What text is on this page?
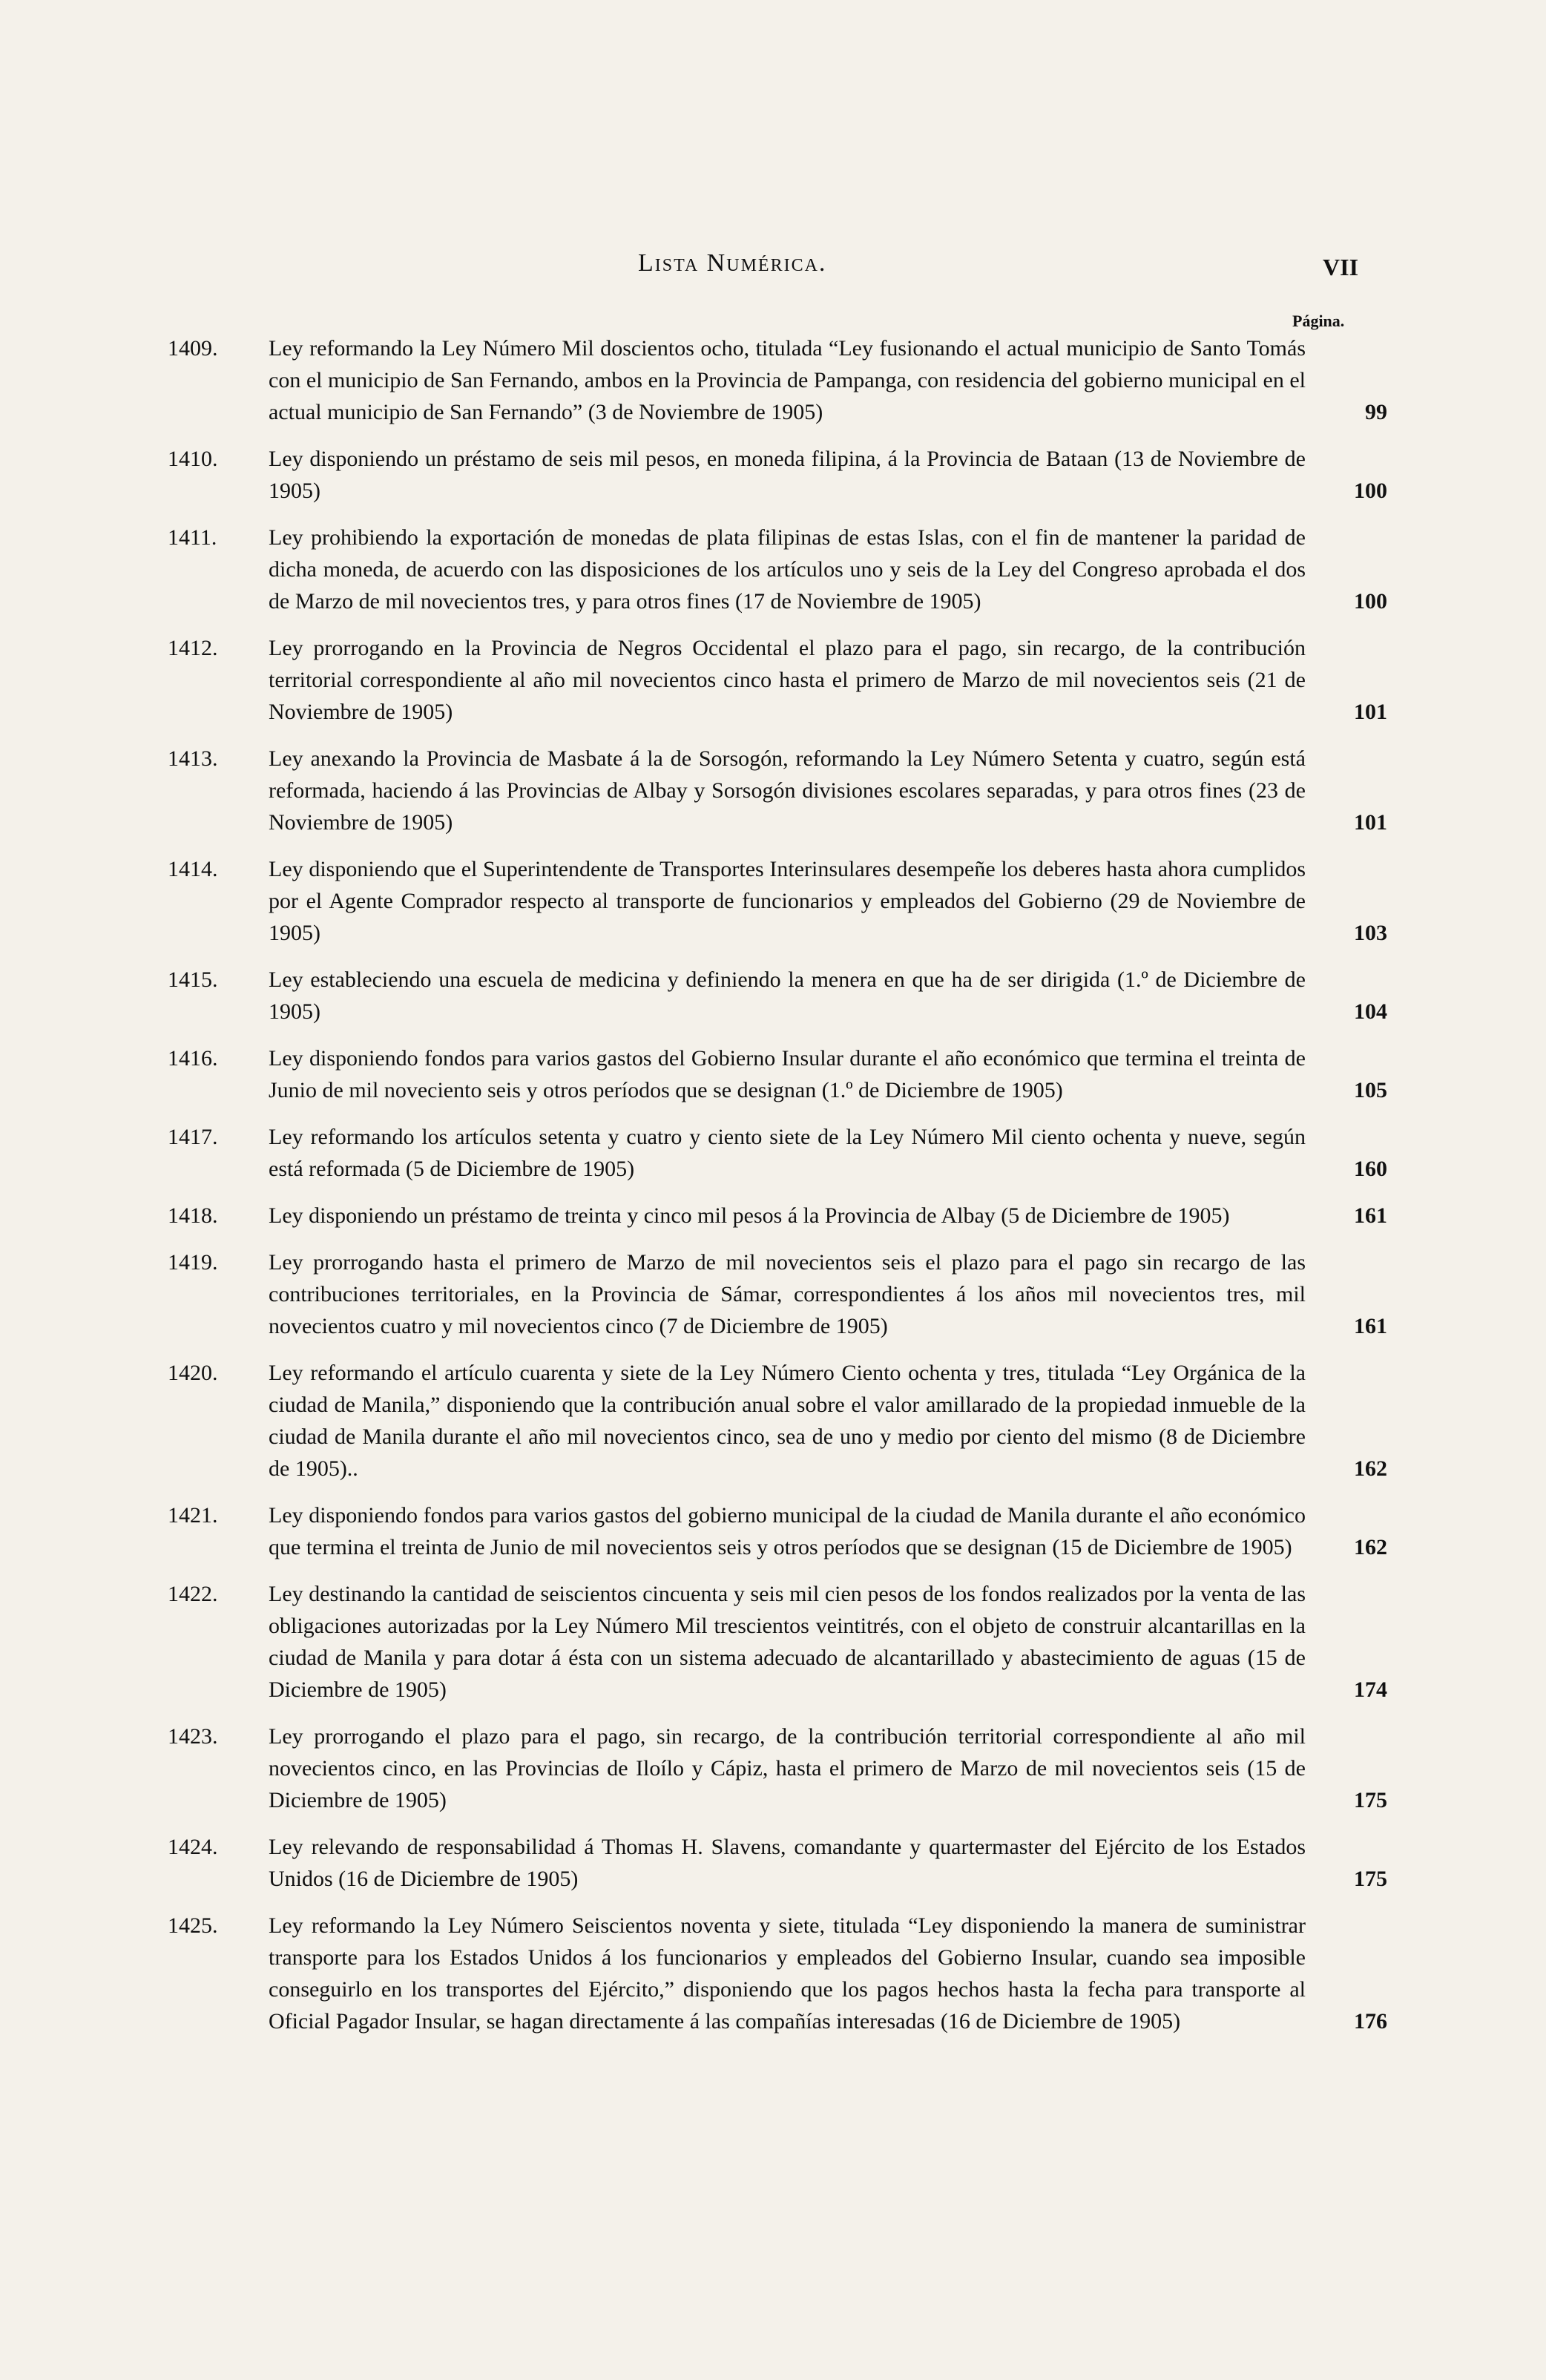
Lista Numérica.	VII
Página.
1409.	Ley reformando la Ley Número Mil doscientos ocho, titulada “Ley fusionando el actual municipio de Santo Tomás con el municipio de San Fernando, ambos en la Provincia de Pampanga, con residencia del gobierno municipal en el actual municipio de San Fernando” (3 de Noviembre de 1905)	99
1410.	Ley disponiendo un préstamo de seis mil pesos, en moneda filipina, á la Provincia de Bataan (13 de Noviembre de 1905)	100
1411.	Ley prohibiendo la exportación de monedas de plata filipinas de estas Islas, con el fin de mantener la paridad de dicha moneda, de acuerdo con las disposiciones de los artículos uno y seis de la Ley del Congreso aprobada el dos de Marzo de mil novecientos tres, y para otros fines (17 de Noviembre de 1905)	100
1412.	Ley prorrogando en la Provincia de Negros Occidental el plazo para el pago, sin recargo, de la contribución territorial correspondiente al año mil novecientos cinco hasta el primero de Marzo de mil novecientos seis (21 de Noviembre de 1905)	101
1413.	Ley anexando la Provincia de Masbate á la de Sorsogón, reformando la Ley Número Setenta y cuatro, según está reformada, haciendo á las Provincias de Albay y Sorsogón divisiones escolares separadas, y para otros fines (23 de Noviembre de 1905)	101
1414.	Ley disponiendo que el Superintendente de Transportes Interinsulares desempeñe los deberes hasta ahora cumplidos por el Agente Comprador respecto al transporte de funcionarios y empleados del Gobierno (29 de Noviembre de 1905)	103
1415.	Ley estableciendo una escuela de medicina y definiendo la menera en que ha de ser dirigida (1.º de Diciembre de 1905)	104
1416.	Ley disponiendo fondos para varios gastos del Gobierno Insular durante el año económico que termina el treinta de Junio de mil noveciento seis y otros períodos que se designan (1.º de Diciembre de 1905)	105
1417.	Ley reformando los artículos setenta y cuatro y ciento siete de la Ley Número Mil ciento ochenta y nueve, según está reformada (5 de Diciembre de 1905)	160
1418.	Ley disponiendo un préstamo de treinta y cinco mil pesos á la Provincia de Albay (5 de Diciembre de 1905)	161
1419.	Ley prorrogando hasta el primero de Marzo de mil novecientos seis el plazo para el pago sin recargo de las contribuciones territoriales, en la Provincia de Sámar, correspondientes á los años mil novecientos tres, mil novecientos cuatro y mil novecientos cinco (7 de Diciembre de 1905)	161
1420.	Ley reformando el artículo cuarenta y siete de la Ley Número Ciento ochenta y tres, titulada “Ley Orgánica de la ciudad de Manila,” disponiendo que la contribución anual sobre el valor amillarado de la propiedad inmueble de la ciudad de Manila durante el año mil novecientos cinco, sea de uno y medio por ciento del mismo (8 de Diciembre de 1905)..	162
1421.	Ley disponiendo fondos para varios gastos del gobierno municipal de la ciudad de Manila durante el año económico que termina el treinta de Junio de mil novecientos seis y otros períodos que se designan (15 de Diciembre de 1905)	162
1422.	Ley destinando la cantidad de seiscientos cincuenta y seis mil cien pesos de los fondos realizados por la venta de las obligaciones autorizadas por la Ley Número Mil trescientos veintitrés, con el objeto de construir alcantarillas en la ciudad de Manila y para dotar á ésta con un sistema adecuado de alcantarillado y abastecimiento de aguas (15 de Diciembre de 1905)	174
1423.	Ley prorrogando el plazo para el pago, sin recargo, de la contribución territorial correspondiente al año mil novecientos cinco, en las Provincias de Iloílo y Cápiz, hasta el primero de Marzo de mil novecientos seis (15 de Diciembre de 1905)	175
1424.	Ley relevando de responsabilidad á Thomas H. Slavens, comandante y quartermaster del Ejército de los Estados Unidos (16 de Diciembre de 1905)	175
1425.	Ley reformando la Ley Número Seiscientos noventa y siete, titulada “Ley disponiendo la manera de suministrar transporte para los Estados Unidos á los funcionarios y empleados del Gobierno Insular, cuando sea imposible conseguirlo en los transportes del Ejército,” disponiendo que los pagos hechos hasta la fecha para transporte al Oficial Pagador Insular, se hagan directamente á las compañías interesadas (16 de Diciembre de 1905)	176
